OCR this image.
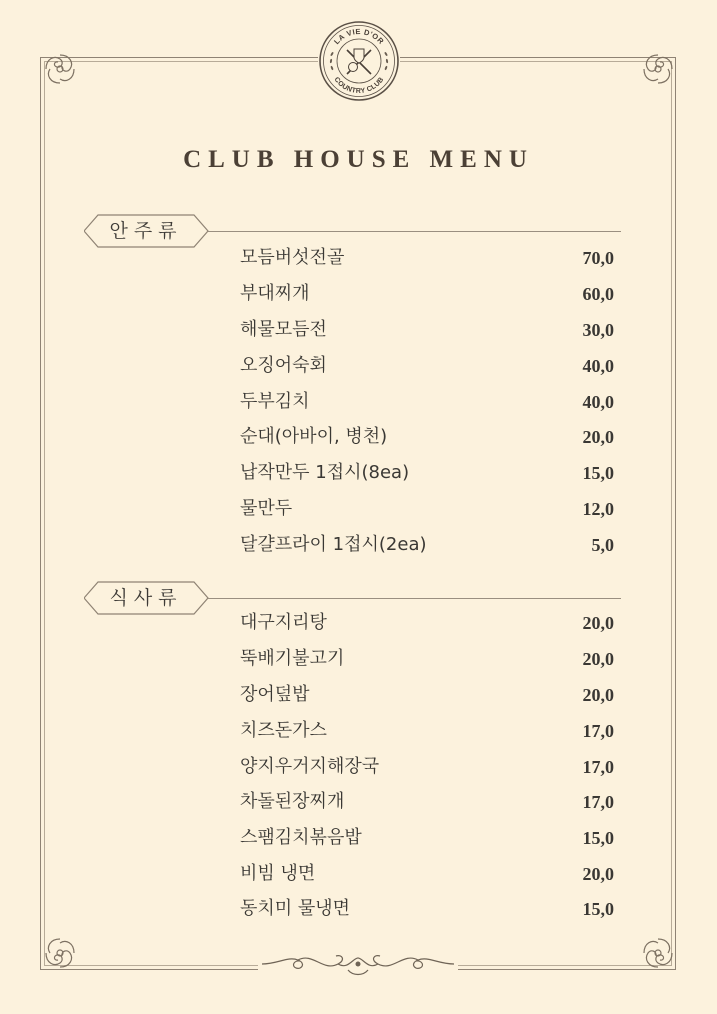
LA VIE D'OR
COUNTRY CLUB
CLUB HOUSE MENU
안주류
모듬버섯전골	70,0
부대찌개	60,0
해물모듬전	30,0
오징어숙회	40,0
두부김치	40,0
순대(아바이, 병천)	20,0
납작만두 1접시(8ea)	15,0
물만두	12,0
달걀프라이 1접시(2ea)	5,0
식사류
대구지리탕	20,0
뚝배기불고기	20,0
장어덮밥	20,0
치즈돈가스	17,0
양지우거지해장국	17,0
차돌된장찌개	17,0
스팸김치볶음밥	15,0
비빔 냉면	20,0
동치미 물냉면	15,0
